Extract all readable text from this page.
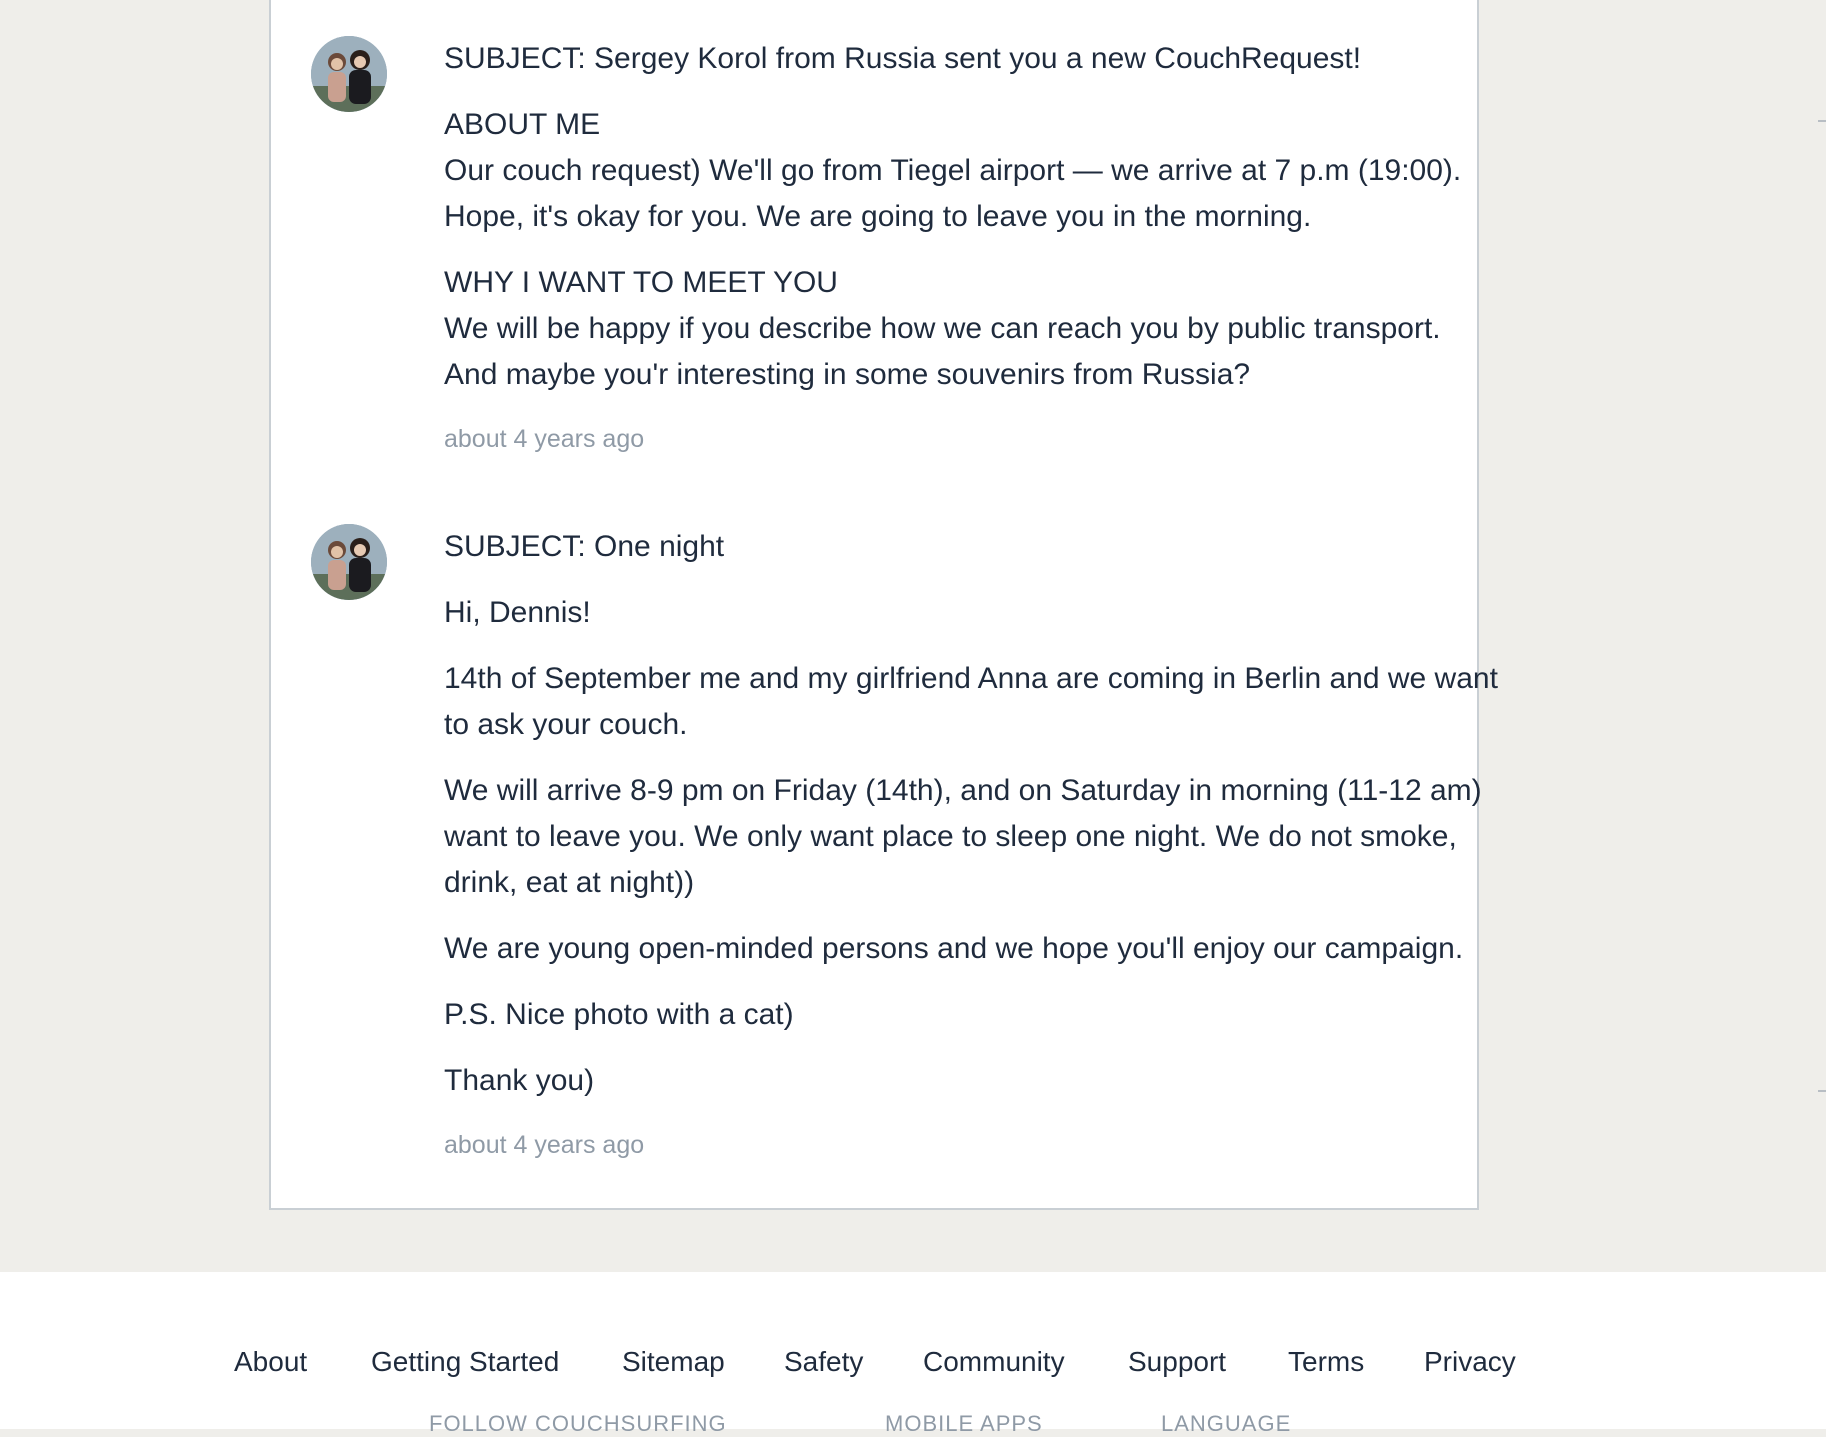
SUBJECT: Sergey Korol from Russia sent you a new CouchRequest!

ABOUT ME

Our couch request) We'll go from Tiegel airport — we arrive at 7 p.m (19:00).

Hope, it's okay for you. We are going to leave you in the morning.

WHY I WANT TO MEET YOU

We will be happy if you describe how we can reach you by public transport.

And maybe you'r interesting in some souvenirs from Russia?

about 4 years ago

SUBJECT: One night

Hi, Dennis!

14th of September me and my girlfriend Anna are coming in Berlin and we want

to ask your couch.

We will arrive 8-9 pm on Friday (14th), and on Saturday in morning (11-12 am)

want to leave you. We only want place to sleep one night. We do not smoke,

drink, eat at night))

We are young open-minded persons and we hope you'll enjoy our campaign.

P.S. Nice photo with a cat)

Thank you)

about 4 years ago
About Getting Started Sitemap Safety Community Support Terms Privacy
FOLLOW COUCHSURFING	MOBILE APPS	LANGUAGE
